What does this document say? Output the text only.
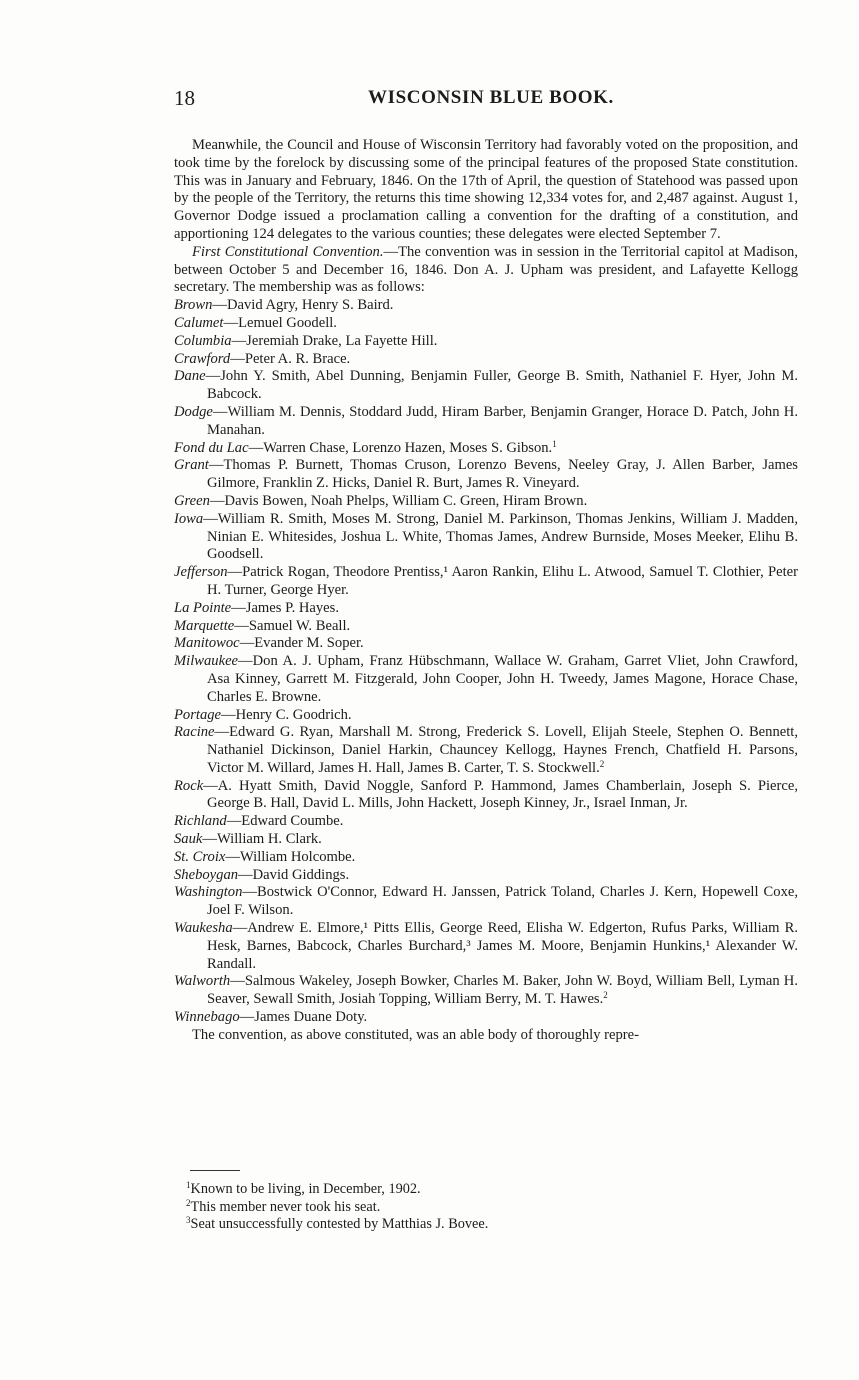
18	WISCONSIN BLUE BOOK.

Meanwhile, the Council and House of Wisconsin Territory had favorably voted on the proposition, and took time by the forelock by discussing some of the principal features of the proposed State constitution. This was in January and February, 1846. On the 17th of April, the question of Statehood was passed upon by the people of the Territory, the returns this time showing 12,334 votes for, and 2,487 against. August 1, Governor Dodge issued a proclamation calling a convention for the drafting of a constitution, and apportioning 124 delegates to the various counties; these delegates were elected September 7.

First Constitutional Convention.—The convention was in session in the Territorial capitol at Madison, between October 5 and December 16, 1846. Don A. J. Upham was president, and Lafayette Kellogg secretary. The membership was as follows:

Brown—David Agry, Henry S. Baird.
Calumet—Lemuel Goodell.
Columbia—Jeremiah Drake, La Fayette Hill.
Crawford—Peter A. R. Brace.
Dane—John Y. Smith, Abel Dunning, Benjamin Fuller, George B. Smith, Nathaniel F. Hyer, John M. Babcock.
Dodge—William M. Dennis, Stoddard Judd, Hiram Barber, Benjamin Granger, Horace D. Patch, John H. Manahan.
Fond du Lac—Warren Chase, Lorenzo Hazen, Moses S. Gibson.$^1$
Grant—Thomas P. Burnett, Thomas Cruson, Lorenzo Bevens, Neeley Gray, J. Allen Barber, James Gilmore, Franklin Z. Hicks, Daniel R. Burt, James R. Vineyard.
Green—Davis Bowen, Noah Phelps, William C. Green, Hiram Brown.
Iowa—William R. Smith, Moses M. Strong, Daniel M. Parkinson, Thomas Jenkins, William J. Madden, Ninian E. Whitesides, Joshua L. White, Thomas James, Andrew Burnside, Moses Meeker, Elihu B. Goodsell.
Jefferson—Patrick Rogan, Theodore Prentiss,¹ Aaron Rankin, Elihu L. Atwood, Samuel T. Clothier, Peter H. Turner, George Hyer.
La Pointe—James P. Hayes.
Marquette—Samuel W. Beall.
Manitowoc—Evander M. Soper.
Milwaukee—Don A. J. Upham, Franz Hübschmann, Wallace W. Graham, Garret Vliet, John Crawford, Asa Kinney, Garrett M. Fitzgerald, John Cooper, John H. Tweedy, James Magone, Horace Chase, Charles E. Browne.
Portage—Henry C. Goodrich.
Racine—Edward G. Ryan, Marshall M. Strong, Frederick S. Lovell, Elijah Steele, Stephen O. Bennett, Nathaniel Dickinson, Daniel Harkin, Chauncey Kellogg, Haynes French, Chatfield H. Parsons, Victor M. Willard, James H. Hall, James B. Carter, T. S. Stockwell.$^2$
Rock—A. Hyatt Smith, David Noggle, Sanford P. Hammond, James Chamberlain, Joseph S. Pierce, George B. Hall, David L. Mills, John Hackett, Joseph Kinney, Jr., Israel Inman, Jr.
Richland—Edward Coumbe.
Sauk—William H. Clark.
St. Croix—William Holcombe.
Sheboygan—David Giddings.
Washington—Bostwick O'Connor, Edward H. Janssen, Patrick Toland, Charles J. Kern, Hopewell Coxe, Joel F. Wilson.
Waukesha—Andrew E. Elmore,¹ Pitts Ellis, George Reed, Elisha W. Edgerton, Rufus Parks, William R. Hesk, Barnes, Babcock, Charles Burchard,³ James M. Moore, Benjamin Hunkins,¹ Alexander W. Randall.
Walworth—Salmous Wakeley, Joseph Bowker, Charles M. Baker, John W. Boyd, William Bell, Lyman H. Seaver, Sewall Smith, Josiah Topping, William Berry, M. T. Hawes.$^2$
Winnebago—James Duane Doty.

The convention, as above constituted, was an able body of thoroughly repre-

$^1$Known to be living, in December, 1902.

$^2$This member never took his seat.

$^3$Seat unsuccessfully contested by Matthias J. Bovee.
